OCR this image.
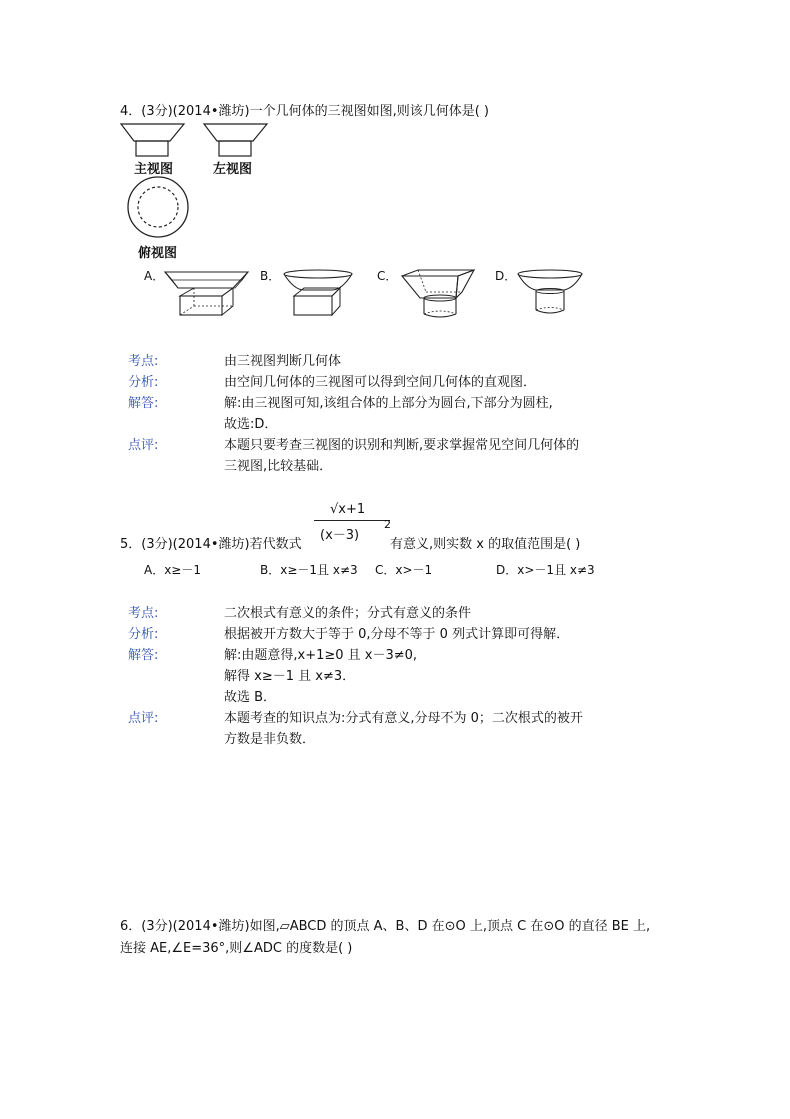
4．(3分)(2014•潍坊)一个几何体的三视图如图,则该几何体是( )
主视图	左视图
俯视图
A．	B．	C．	D．
考点:	由三视图判断几何体
分析:	由空间几何体的三视图可以得到空间几何体的直观图．
解答:	解:由三视图可知,该组合体的上部分为圆台,下部分为圆柱,
故选:D．
点评:	本题只要考查三视图的识别和判断,要求掌握常见空间几何体的
三视图,比较基础．
5．(3分)(2014•潍坊)若代数式
√x+1
(x－3)
2
有意义,则实数 x 的取值范围是( )
A．x≥－1	B．x≥－1且 x≠3 C．x>－1	D．x>－1且 x≠3
考点:	二次根式有意义的条件；分式有意义的条件
分析:	根据被开方数大于等于 0,分母不等于 0 列式计算即可得解．
解答:	解:由题意得,x+1≥0 且 x－3≠0,
解得 x≥－1 且 x≠3．
故选 B．
点评:	本题考查的知识点为:分式有意义,分母不为 0；二次根式的被开
方数是非负数．
6．(3分)(2014•潍坊)如图,▱ABCD 的顶点 A、B、D 在⊙O 上,顶点 C 在⊙O 的直径 BE 上,
连接 AE,∠E=36°,则∠ADC 的度数是( )
